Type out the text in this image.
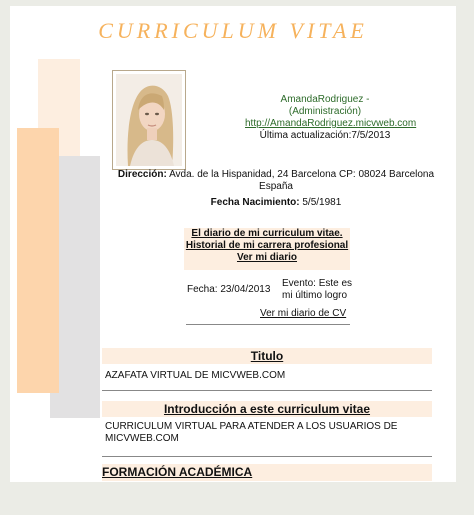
CURRICULUM VITAE
AmandaRodriguez -
(Administración)
http://AmandaRodriguez.micvweb.com
Última actualización:7/5/2013
Dirección: Avda. de la Hispanidad, 24 Barcelona CP: 08024 Barcelona
España
Fecha Nacimiento: 5/5/1981
El diario de mi curriculum vitae.
Historial de mi carrera profesional
Ver mi diario
Fecha: 23/04/2013
Evento: Este es mi último logro
Ver mi diario de CV
Titulo
AZAFATA VIRTUAL DE MICVWEB.COM
Introducción a este curriculum vitae
CURRICULUM VIRTUAL PARA ATENDER A LOS USUARIOS DE MICVWEB.COM
FORMACIÓN ACADÉMICA
